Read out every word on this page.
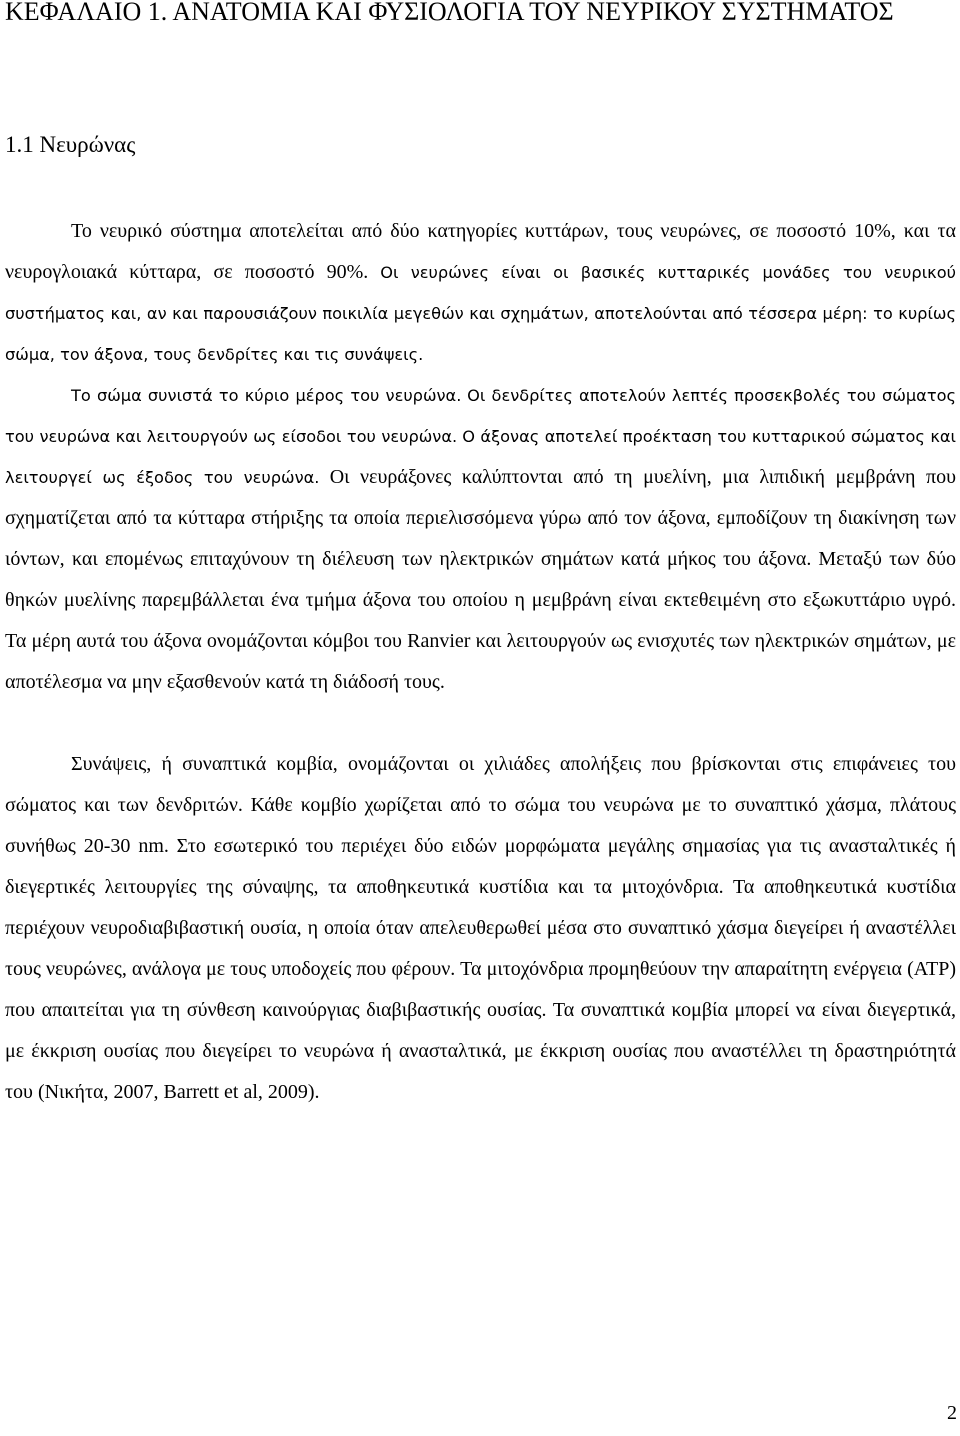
ΚΕΦΑΛΑΙΟ 1. ΑΝΑΤΟΜΙΑ ΚΑΙ ΦΥΣΙΟΛΟΓΙΑ ΤΟΥ ΝΕΥΡΙΚΟΥ ΣΥΣΤΗΜΑΤΟΣ
1.1 Νευρώνας

Το νευρικό σύστημα αποτελείται από δύο κατηγορίες κυττάρων, τους νευρώνες, σε ποσοστό 10%, και τα νευρογλοιακά κύτταρα, σε ποσοστό 90%. Οι νευρώνες είναι οι βασικές κυτταρικές μονάδες του νευρικού συστήματος και, αν και παρουσιάζουν ποικιλία μεγεθών και σχημάτων, αποτελούνται από τέσσερα μέρη: το κυρίως σώμα, τον άξονα, τους δενδρίτες και τις συνάψεις.

Το σώμα συνιστά το κύριο μέρος του νευρώνα. Οι δενδρίτες αποτελούν λεπτές προσεκβολές του σώματος του νευρώνα και λειτουργούν ως είσοδοι του νευρώνα. Ο άξονας αποτελεί προέκταση του κυτταρικού σώματος και λειτουργεί ως έξοδος του νευρώνα. Οι νευράξονες καλύπτονται από τη μυελίνη, μια λιπιδική μεμβράνη που σχηματίζεται από τα κύτταρα στήριξης τα οποία περιελισσόμενα γύρω από τον άξονα, εμποδίζουν τη διακίνηση των ιόντων, και επομένως επιταχύνουν τη διέλευση των ηλεκτρικών σημάτων κατά μήκος του άξονα. Μεταξύ των δύο θηκών μυελίνης παρεμβάλλεται ένα τμήμα άξονα του οποίου η μεμβράνη είναι εκτεθειμένη στο εξωκυττάριο υγρό. Τα μέρη αυτά του άξονα ονομάζονται κόμβοι του Ranvier και λειτουργούν ως ενισχυτές των ηλεκτρικών σημάτων, με αποτέλεσμα να μην εξασθενούν κατά τη διάδοσή τους.

Συνάψεις, ή συναπτικά κομβία, ονομάζονται οι χιλιάδες απολήξεις που βρίσκονται στις επιφάνειες του σώματος και των δενδριτών. Κάθε κομβίο χωρίζεται από το σώμα του νευρώνα με το συναπτικό χάσμα, πλάτους συνήθως 20-30 nm. Στο εσωτερικό του περιέχει δύο ειδών μορφώματα μεγάλης σημασίας για τις ανασταλτικές ή διεγερτικές λειτουργίες της σύναψης, τα αποθηκευτικά κυστίδια και τα μιτοχόνδρια. Τα αποθηκευτικά κυστίδια περιέχουν νευροδιαβιβαστική ουσία, η οποία όταν απελευθερωθεί μέσα στο συναπτικό χάσμα διεγείρει ή αναστέλλει τους νευρώνες, ανάλογα με τους υποδοχείς που φέρουν. Τα μιτοχόνδρια προμηθεύουν την απαραίτητη ενέργεια (ATP) που απαιτείται για τη σύνθεση καινούργιας διαβιβαστικής ουσίας. Τα συναπτικά κομβία μπορεί να είναι διεγερτικά, με έκκριση ουσίας που διεγείρει το νευρώνα ή ανασταλτικά, με έκκριση ουσίας που αναστέλλει τη δραστηριότητά του (Νικήτα, 2007, Barrett et al, 2009).

2
